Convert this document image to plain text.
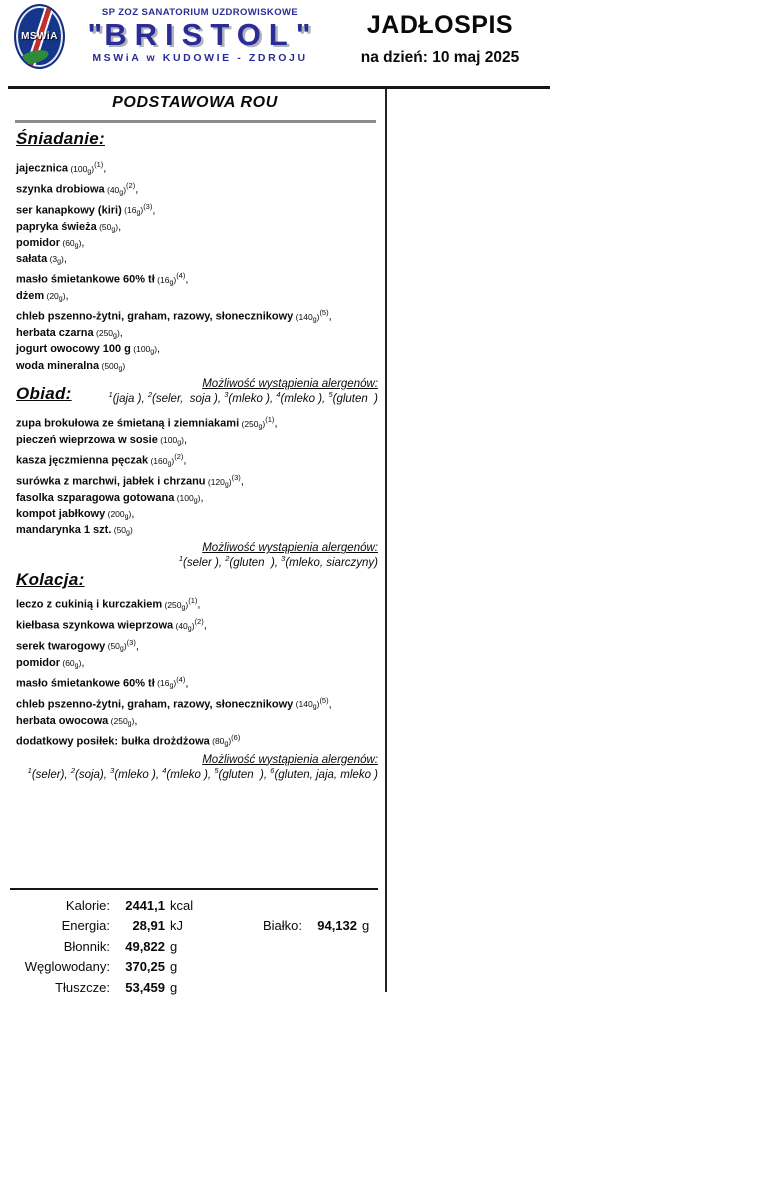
MSWiA
SP ZOZ SANATORIUM UZDROWISKOWE
"BRISTOL"
MSWiA w KUDOWIE - ZDROJU
JADŁOSPIS
na dzień: 10 maj 2025
PODSTAWOWA ROU
Śniadanie:
jajecznica (100g)$^{(1)}$,
szynka drobiowa (40g)$^{(2)}$,
ser kanapkowy (kiri) (16g)$^{(3)}$,
papryka świeża (50g),
pomidor (60g),
sałata (3g),
masło śmietankowe 60% tł (16g)$^{(4)}$,
dżem (20g),
chleb pszenno-żytni, graham, razowy, słonecznikowy (140g)$^{(5)}$,
herbata czarna (250g),
jogurt owocowy 100 g (100g),
woda mineralna (500g)
Możliwość wystąpienia alergenów:
$^1$(jaja ), $^2$(seler,  soja ), $^3$(mleko ), $^4$(mleko ), $^5$(gluten  )
Obiad:
zupa brokułowa ze śmietaną i ziemniakami (250g)$^{(1)}$,
pieczeń wieprzowa w sosie (100g),
kasza jęczmienna pęczak (160g)$^{(2)}$,
surówka z marchwi, jabłek i chrzanu (120g)$^{(3)}$,
fasolka szparagowa gotowana (100g),
kompot jabłkowy (200g),
mandarynka 1 szt. (50g)
Możliwość wystąpienia alergenów:
$^1$(seler ), $^2$(gluten  ), $^3$(mleko, siarczyny)
Kolacja:
leczo z cukinią i kurczakiem (250g)$^{(1)}$,
kiełbasa szynkowa wieprzowa (40g)$^{(2)}$,
serek twarogowy (50g)$^{(3)}$,
pomidor (60g),
masło śmietankowe 60% tł (16g)$^{(4)}$,
chleb pszenno-żytni, graham, razowy, słonecznikowy (140g)$^{(5)}$,
herbata owocowa (250g),
dodatkowy posiłek: bułka drożdżowa (80g)$^{(6)}$
Możliwość wystąpienia alergenów:
$^1$(seler), $^2$(soja), $^3$(mleko ), $^4$(mleko ), $^5$(gluten  ), $^6$(gluten, jaja, mleko )
Kalorie:	2441,1 kcal
Energia:	28,91 kJ	Białko:	94,132 g
Błonnik:	49,822 g
Węglowodany:	370,25 g
Tłuszcze:	53,459 g
